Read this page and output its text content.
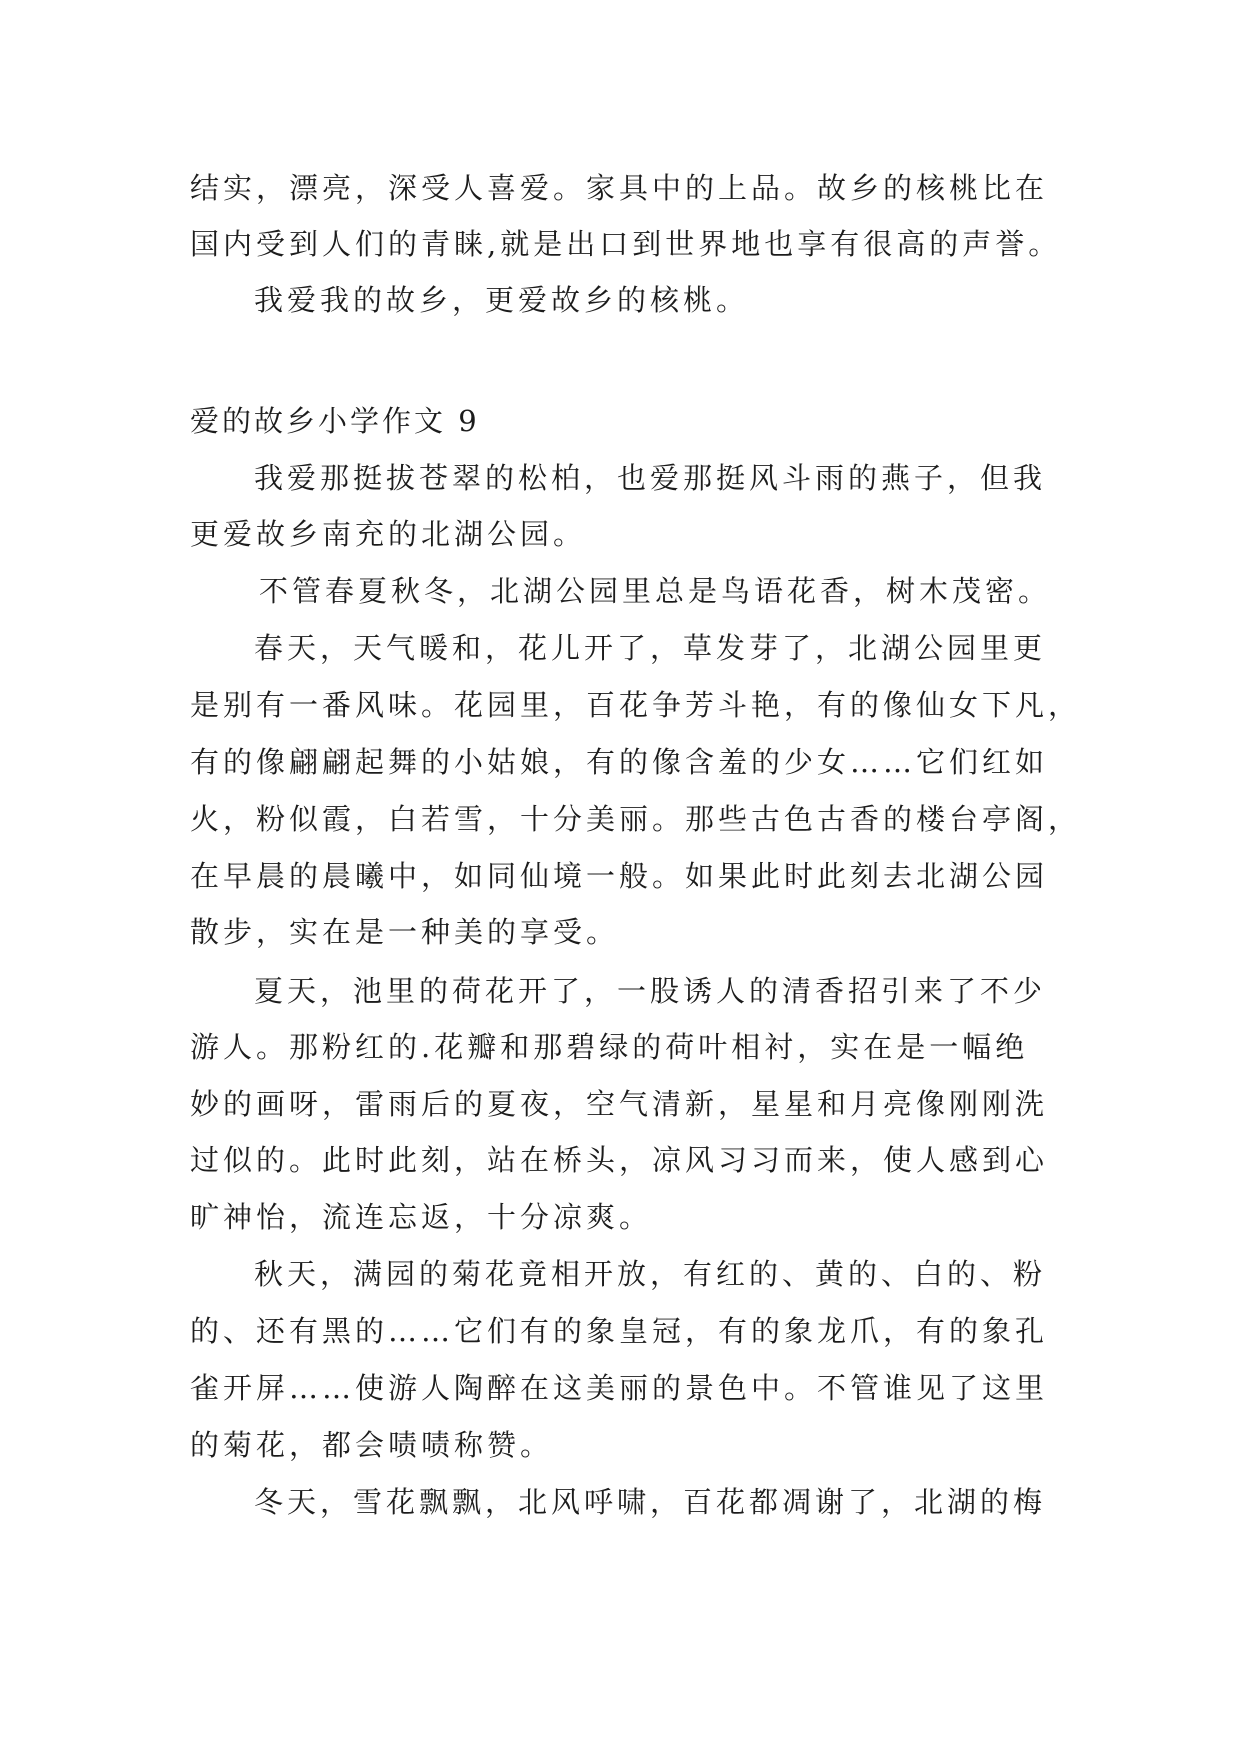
结实，漂亮，深受人喜爱。家具中的上品。故乡的核桃比在
国内受到人们的青睐,就是出口到世界地也享有很高的声誉。
我爱我的故乡，更爱故乡的核桃。
爱的故乡小学作文 9
我爱那挺拔苍翠的松柏，也爱那挺风斗雨的燕子，但我
更爱故乡南充的北湖公园。
不管春夏秋冬，北湖公园里总是鸟语花香，树木茂密。
春天，天气暖和，花儿开了，草发芽了，北湖公园里更
是别有一番风味。花园里，百花争芳斗艳，有的像仙女下凡，
有的像翩翩起舞的小姑娘，有的像含羞的少女……它们红如
火，粉似霞，白若雪，十分美丽。那些古色古香的楼台亭阁，
在早晨的晨曦中，如同仙境一般。如果此时此刻去北湖公园
散步，实在是一种美的享受。
夏天，池里的荷花开了，一股诱人的清香招引来了不少
游人。那粉红的.花瓣和那碧绿的荷叶相衬，实在是一幅绝
妙的画呀，雷雨后的夏夜，空气清新，星星和月亮像刚刚洗
过似的。此时此刻，站在桥头，凉风习习而来，使人感到心
旷神怡，流连忘返，十分凉爽。
秋天，满园的菊花竟相开放，有红的、黄的、白的、粉
的、还有黑的……它们有的象皇冠，有的象龙爪，有的象孔
雀开屏……使游人陶醉在这美丽的景色中。不管谁见了这里
的菊花，都会啧啧称赞。
冬天，雪花飘飘，北风呼啸，百花都凋谢了，北湖的梅
